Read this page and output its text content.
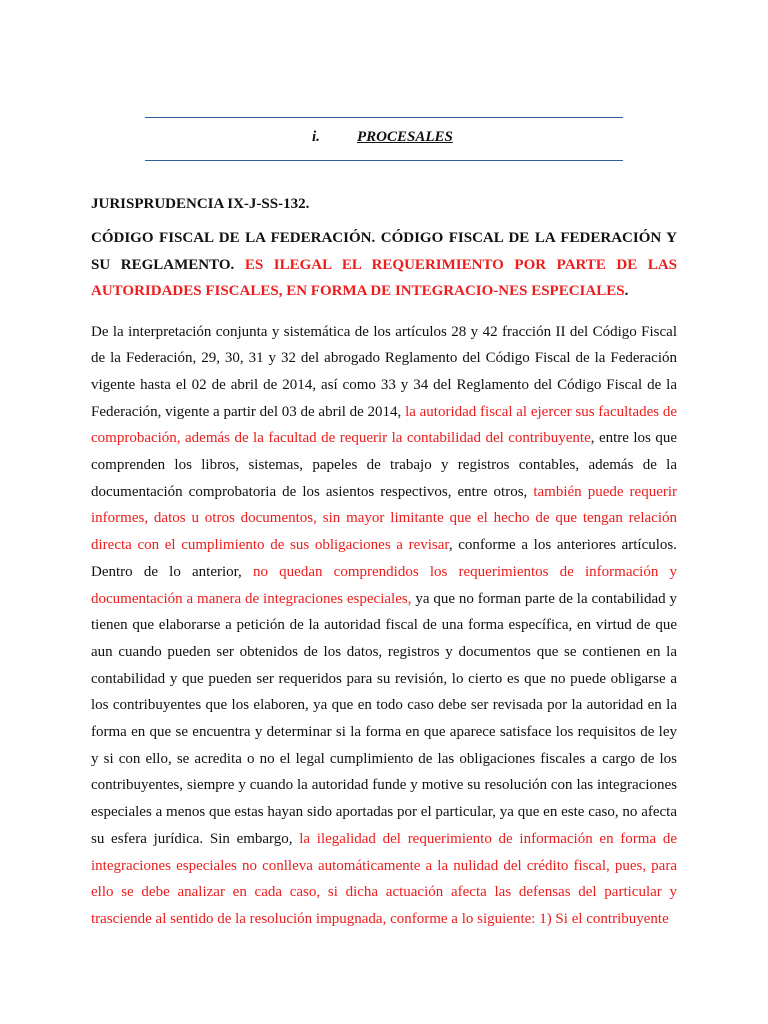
i. PROCESALES

JURISPRUDENCIA IX-J-SS-132.

CÓDIGO FISCAL DE LA FEDERACIÓN. CÓDIGO FISCAL DE LA FEDERACIÓN Y SU REGLAMENTO. ES ILEGAL EL REQUERIMIENTO POR PARTE DE LAS AUTORIDADES FISCALES, EN FORMA DE INTEGRACIO-NES ESPECIALES.

De la interpretación conjunta y sistemática de los artículos 28 y 42 fracción II del Código Fiscal de la Federación, 29, 30, 31 y 32 del abrogado Reglamento del Código Fiscal de la Federación vigente hasta el 02 de abril de 2014, así como 33 y 34 del Reglamento del Código Fiscal de la Federación, vigente a partir del 03 de abril de 2014, la autoridad fiscal al ejercer sus facultades de comprobación, además de la facultad de requerir la contabilidad del contribuyente, entre los que comprenden los libros, sistemas, papeles de trabajo y registros contables, además de la documentación comprobatoria de los asientos respectivos, entre otros, también puede requerir informes, datos u otros documentos, sin mayor limitante que el hecho de que tengan relación directa con el cumplimiento de sus obligaciones a revisar, conforme a los anteriores artículos. Dentro de lo anterior, no quedan comprendidos los requerimientos de información y documentación a manera de integraciones especiales, ya que no forman parte de la contabilidad y tienen que elaborarse a petición de la autoridad fiscal de una forma específica, en virtud de que aun cuando pueden ser obtenidos de los datos, registros y documentos que se contienen en la contabilidad y que pueden ser requeridos para su revisión, lo cierto es que no puede obligarse a los contribuyentes que los elaboren, ya que en todo caso debe ser revisada por la autoridad en la forma en que se encuentra y determinar si la forma en que aparece satisface los requisitos de ley y si con ello, se acredita o no el legal cumplimiento de las obligaciones fiscales a cargo de los contribuyentes, siempre y cuando la autoridad funde y motive su resolución con las integraciones especiales a menos que estas hayan sido aportadas por el particular, ya que en este caso, no afecta su esfera jurídica. Sin embargo, la ilegalidad del requerimiento de información en forma de integraciones especiales no conlleva automáticamente a la nulidad del crédito fiscal, pues, para ello se debe analizar en cada caso, si dicha actuación afecta las defensas del particular y trasciende al sentido de la resolución impugnada, conforme a lo siguiente: 1) Si el contribuyente
